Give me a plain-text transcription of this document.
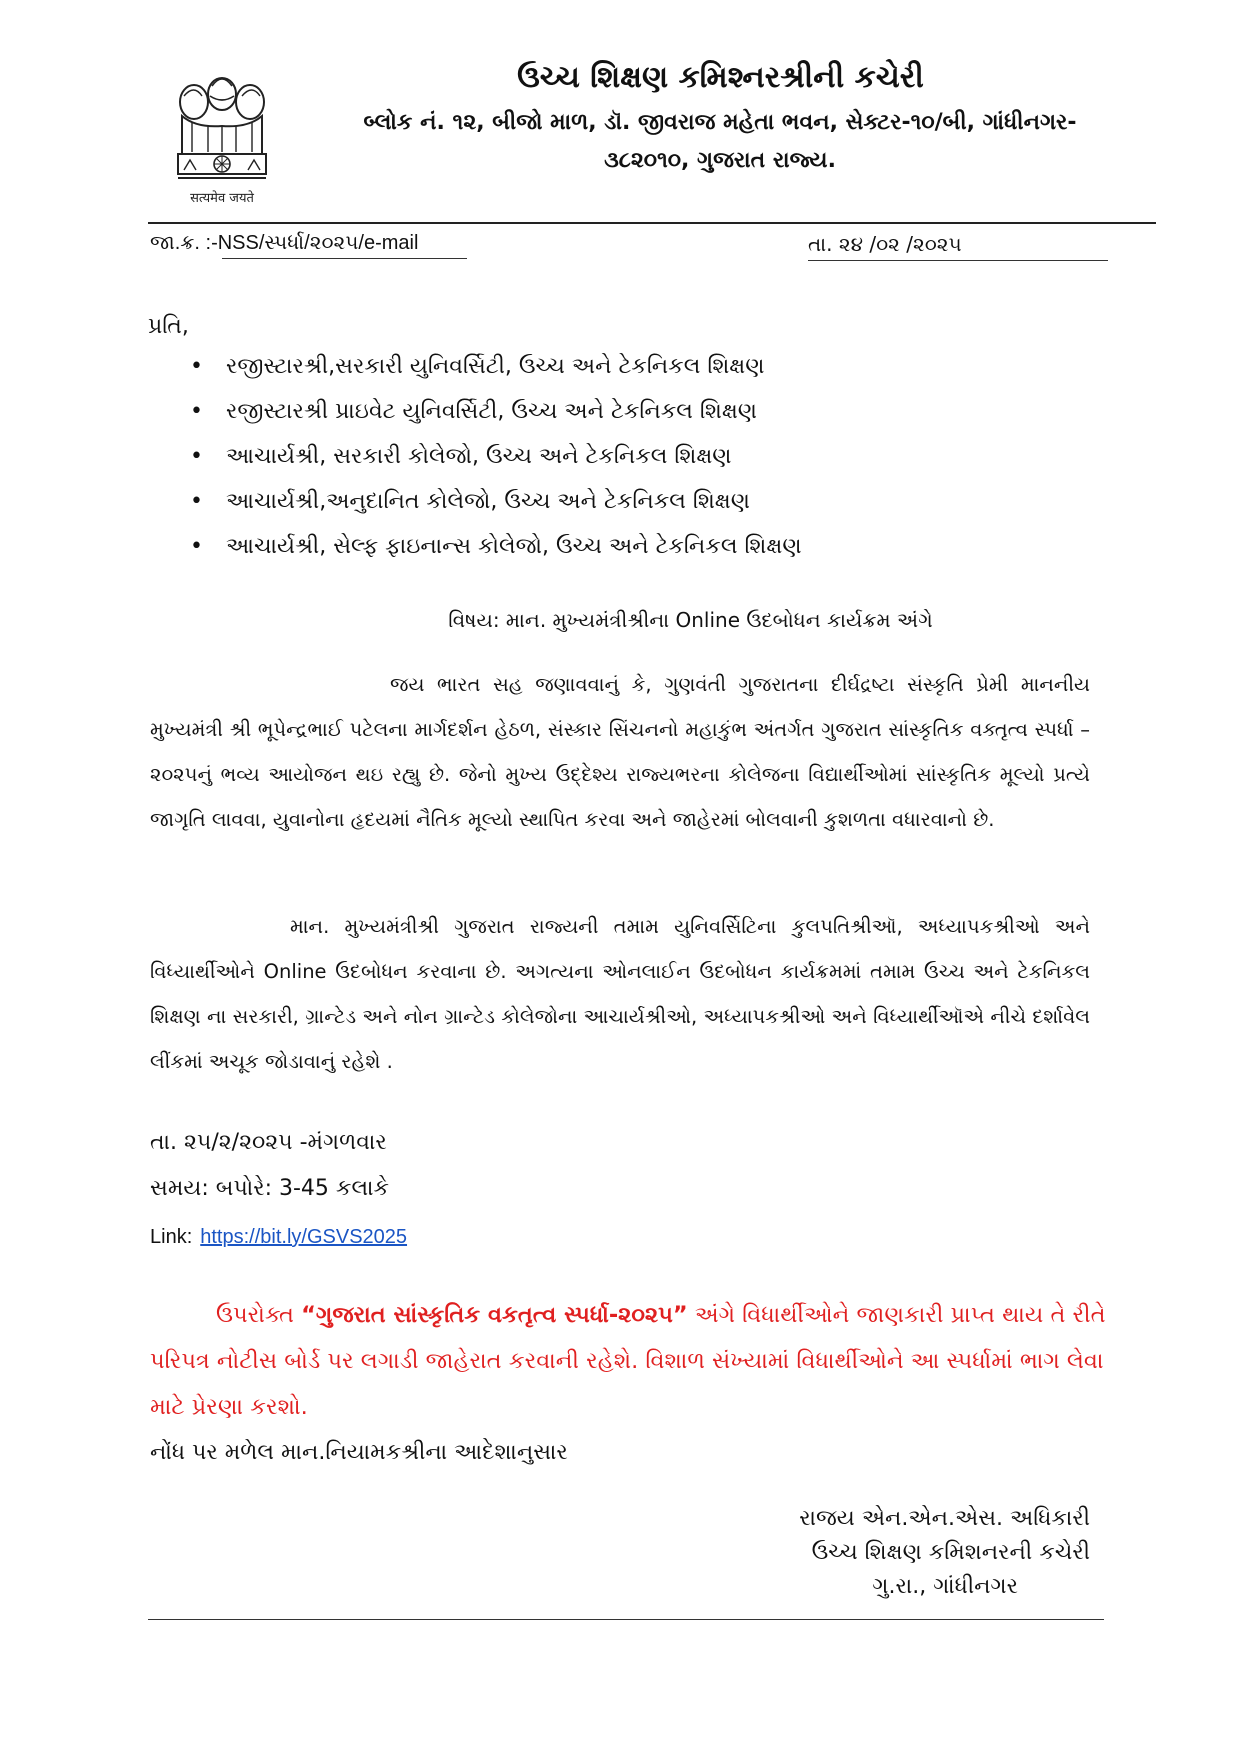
सत्यमेव जयते
ઉચ્ચ શિક્ષણ કમિશ્નરશ્રીની કચેરી
બ્લોક નં. ૧૨, બીજો માળ, ડૉ. જીવરાજ મહેતા ભવન, સેક્ટર-૧૦/બી, ગાંધીનગર-
૩૮૨૦૧૦, ગુજરાત રાજ્ય.
જા.ક્ર. :-NSS/સ્પર્ધા/૨૦૨૫/e-mail	તા. ૨૪ /૦૨ /૨૦૨૫
પ્રતિ,
• રજીસ્ટારશ્રી,સરકારી યુનિવર્સિટી, ઉચ્ચ અને ટેકનિકલ શિક્ષણ
• રજીસ્ટારશ્રી પ્રાઇવેટ યુનિવર્સિટી, ઉચ્ચ અને ટેકનિકલ શિક્ષણ
• આચાર્યશ્રી, સરકારી કોલેજો, ઉચ્ચ અને ટેકનિકલ શિક્ષણ
• આચાર્યશ્રી,અનુદાનિત કોલેજો, ઉચ્ચ અને ટેકનિકલ શિક્ષણ
• આચાર્યશ્રી, સેલ્ફ ફાઇનાન્સ કોલેજો, ઉચ્ચ અને ટેકનિકલ શિક્ષણ
વિષય: માન. મુખ્યમંત્રીશ્રીના Online ઉદબોધન કાર્યક્રમ અંગે
જય ભારત સહ જણાવવાનું કે, ગુણવંતી ગુજરાતના દીર્ઘદ્રષ્ટા સંસ્કૃતિ પ્રેમી માનનીય મુખ્યમંત્રી શ્રી ભૂપેન્દ્રભાઈ પટેલના માર્ગદર્શન હેઠળ, સંસ્કાર સિંચનનો મહાકુંભ અંતર્ગત ગુજરાત સાંસ્કૃતિક વક્તૃત્વ સ્પર્ધા – ૨૦૨૫નું ભવ્ય આયોજન થઇ રહ્યુ છે. જેનો મુખ્ય ઉદ્દેશ્ય રાજ્યભરના કોલેજના વિદ્યાર્થીઓમાં સાંસ્કૃતિક મૂલ્યો પ્રત્યે જાગૃતિ લાવવા, યુવાનોના હૃદયમાં નૈતિક મૂલ્યો સ્થાપિત કરવા અને જાહેરમાં બોલવાની કુશળતા વધારવાનો છે.
માન. મુખ્યમંત્રીશ્રી ગુજરાત રાજ્યની તમામ યુનિવર્સિટિના કુલપતિશ્રીઑ, અધ્યાપકશ્રીઓ અને વિધ્યાર્થીઓને Online ઉદબોધન કરવાના છે. અગત્યના ઓનલાઈન ઉદબોધન કાર્યક્રમમાં તમામ ઉચ્ચ અને ટેકનિકલ શિક્ષણ ના સરકારી, ગ્રાન્ટેડ અને નોન ગ્રાન્ટેડ કોલેજોના આચાર્યશ્રીઓ, અધ્યાપકશ્રીઓ અને વિધ્યાર્થીઑએ નીચે દર્શાવેલ લીંકમાં અચૂક જોડાવાનું રહેશે .
તા. ૨૫/૨/૨૦૨૫ -મંગળવાર
સમય: બપોરે: 3-45 કલાકે
Link: https://bit.ly/GSVS2025
ઉપરોક્ત “ગુજરાત સાંસ્કૃતિક વકતૃત્વ સ્પર્ધા-૨૦૨૫” અંગે વિધાર્થીઓને જાણકારી પ્રાપ્ત થાય તે રીતે પરિપત્ર નોટીસ બોર્ડ પર લગાડી જાહેરાત કરવાની રહેશે. વિશાળ સંખ્યામાં વિધાર્થીઓને આ સ્પર્ધામાં ભાગ લેવા માટે પ્રેરણા કરશો.
નોંધ પર મળેલ માન.નિયામકશ્રીના આદેશાનુસાર
રાજય એન.એન.એસ. અધિકારી
ઉચ્ચ શિક્ષણ કમિશનરની કચેરી
ગુ.રા., ગાંધીનગર
